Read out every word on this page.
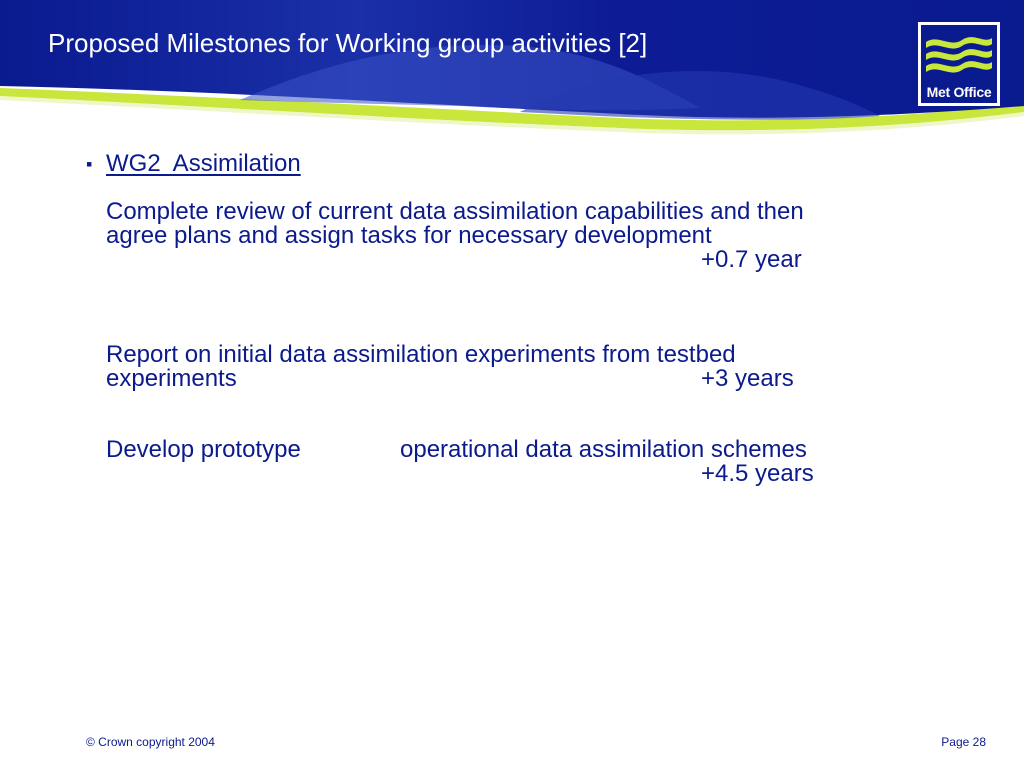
Proposed Milestones for Working group activities [2]
Met Office
▪ WG2  Assimilation
Complete review of current data assimilation capabilities and then
agree plans and assign tasks for necessary development
+0.7 year
Report on initial data assimilation experiments from testbed
experiments	+3 years
Develop prototype	operational data assimilation schemes
+4.5 years
© Crown copyright 2004	Page 28
